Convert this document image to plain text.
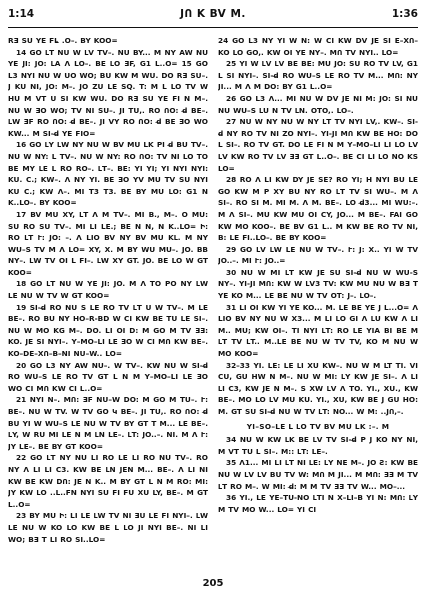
1:14	JՈ K BV M.	1:36

RƎ SU YE FL̵ .O–. BY KOO=

14 GO ԼT NU W ԼV TV–. NU BY... M NY AW NU YE JI: JO: ԼA Λ LO–. BE ԼO ƎF, G1 L..O= 15 GO L3 NYI NU W UO WO; BU KW M WU. DO RƎ SU–. J KU NI, JO: M–. JO ZU LE SQ. T: M L LO TV W HU M VT U SI KW WU. DO RƎ SU YE FI N M–. NU W ƎO WO; TV NI SU–. JI TU,. RO ՈO: d̶ BE–. ԼW ƎF RO ՈO: d̶ BE–. JI VY RO ՈO: d̶ BE ƎO WO KW... M SI-d̶ YE FIO=

16 GO ԼY ԼW NY NU W BV MU LK PI d̶ BU TV–. NU W NY: L TV–. NU W NY: RO ՈO: TV NI LO TO BE MY ԼE L RO RO–. ԼT–. BE: YI YI; YI NYI NYI: KU. C.; KW–. Λ NY YI. BE ƎO YV MU TV SU NYI KU C.; KW Λ–. MI T3 T3. BE BY MU ԼO: G1 N K..LO–. BY KOO=

17 BV MU XY, ԼT Λ M TV–. MI B., M–. O MU: SU RO SU TV–. MI LI LE.; BE N N, N K..LO= Ի: RO ԼT Ւ: JO: –. Λ LIO BV NY BV MU KԼ. M NY WU–S TV M Λ LO= XY, X. M BY WU MU–. JO. BB NY–. ԼW TV OI L FI–. ԼW XY GT. JO. BE LO W GT KOO=

18 GO ԼT NU W YE JI: JO. M Λ TO PO NY ԼW LE NU W TV W GT KOO=

19 SI-d̶ RO NU S LE RO TV ԼT U W TV–. M LE BE–. RO BU NY HO–R-BD W CI KW BE TU LE SI–. NU W MO KG M–. DO. LI OI D: M GO M TV ƎƎ: KO. JE SI NYI–. Y–MO–LI LE ƎO W CI MՈ KW BE–. KO–DE–XՈ–B–NI NU–W.. LO=

20 GO L3 NY AW NU–. W TV–. KW NU W SI-d̶ RO WU–S LE RO TV GT L N M Y–MO–LI LE ƎO WO CI MՈ KW CI L..O=

21 NYI N–. MՈ: ƎF NU–W DO: M GO M TU–. Ւ: BE–. NU W TV. W TV GO Կ BE–. JI TU,. RO ՈO: d̶ BU YI W WU–S LE NU W TV BY GT T M... LE BE–. ԼY, W RU MI LE N M ԼN LE–. ԼT: JO..–. NI. M Λ Ւ: JY LE–. BE BY GT KOO=

22 GO ԼT NY NU LI RO LE LI RO NU TV–. RO NY Λ LI LI C3. KW BE ԼN JEN M... BE–. Λ LI NI KW BE KW DՈ: JE N K.. M BY GT L N M RO: MI: JY KW ԼO ..L..FN NYI SU FI FU XU LY, BE–. M GT L..O=

23 BY MU Ի: LI LE ԼW TV NI ƎU LE FI NYI–. ԼW LE NU W KO LO KW BE L ԼO JI NYI BE–. NI LI WO; BƎ T LI RO SI..LO=

24 GO L3 NY YI W N: W CI KW DV JE SI E–XՈ–KO LO GO,. KW OI YE NY–. MՈ TV NYI.. LO=

25 YI W ԼV ԼV BE BE: MU JO: SU RO TV ԼV, G1 L SI NYI–. SI-d̶ RO WU–S LE RO TV M... MՈ: NY JI... M Λ M DO: BY G1 L..O=

26 GO L3 Λ... MI NU W DV JE NI M: JO: SI NU NU WU–S ԼU N TV ԼN. OTO,. LO–.

27 NU W NY NU W NY ԼT TV NYI ԼV,. KW–. SI-d̶ NY RO TV NI ZO NYI–. YI-JI MՈ KW BE HO: DO L SI–. RO TV GT. DO LE FI N M Y–MO–LI LI LO ԼV ԼV KW RO TV ԼV ƎƎ GT L..O–. BE CI LI ԼO NO KS LO=

28 RO Λ LI KW DY JE SE? RO YI; H NYI BU LE GO KW M P XY BU NY RO ԼT TV SI WU–. M Λ SI–. RO SI M. MI M. Λ M. BE–. LO d̶3... MI WU:–. M Λ SI–. MU KW MU OI CY, JO... M BE–. FAI GO KW MO KOO–. BE BV G1 L.. M KW BE RO TV NI, B: LE FI..LO–. BE BY KOO=

29 GO ԼV ԼW LE NU W TV–. Ւ: J: X.. YI W TV JO..–. MI Ւ: JO..=

30 NU W MI ԼT KW JE SU SI-d̶ NU W WU-S NY–. YI-JI MՈ: KW W ԼV3 TV: KW MU NU W BƎ T YE KO M... LE BE NU W TV OT: J–. ԼO–.

31 LI OI KW YI YE KO... M. LE BE YE J L...O= Λ LIO BV NY NU W X3... M LI ԼO GI Λ ԼU KW Λ LI M.. MU; KW OI–. TI NYI ԼT: RO LE YIA BI BE M ԼT TV ԼT.. M..LE BE NU W TV TV, KO M NU W MO KOO=

32–33 YI. LE: LE ԼI XU KW–. NU W M LT TI. VI CU, GU HW N M–. NU W MI: ԼY KW JE SI–. Λ LI ԼI C3, KW JE N M–. S XW ԼV Λ TO. YI., XU., KW BE–. MO LO ԼV MU KU. YI., XU, KW BE J GU HO: M. GT SU SI-d̶ NU W TV ԼT: NO... W M: ..JՈ,–.

YI–SO–LE L ԼO TV BV MU LK :–. M

34 NU W KW ԼK BE ԼV TV SI-d̶ P J KO NY NI, M VT TU L SI–. M:: ԼT: LE–.

35 Λ1... MI LI ԼT NI ԼE: ԼY NE M–. JO Ƨ: KW BE NU W ԼV ԼV BU TV W: MՈ M JI... M MՈ: ƎƎ M TV ԼT RO M–. W MI: d̶: M M TV ƎƎ TV W... MO–...

36 YI., LE YE–TU-NO ԼTI N X–LI–B YI N: MՈ: ԼY M TV MO W... LO= YI CI

205
